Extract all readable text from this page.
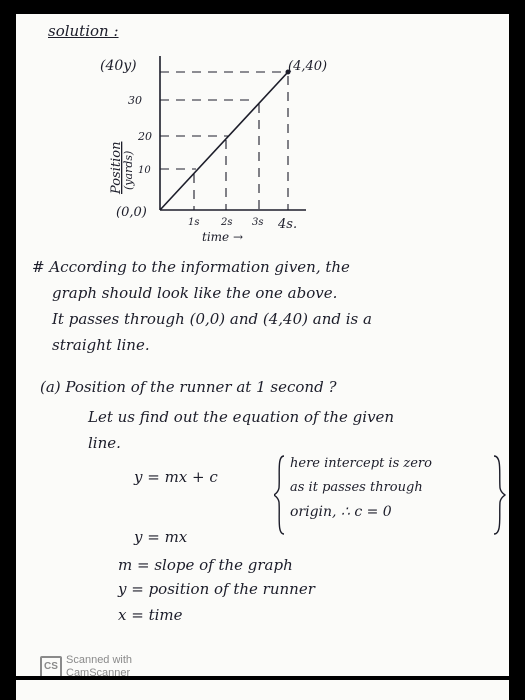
solution :
(4,40)
(40y)
30
20
10
(0,0)
1s 2s 3s 4s.
time →
Position
(yards)
# According to the information given, the
graph should look like the one above.
It passes through (0,0) and (4,40) and is a
straight line.
(a) Position of the runner at 1 second ?
Let us find out the equation of the given
line.
y = mx + c
here intercept is zero
as it passes through
origin, ∴ c = 0
y = mx
m = slope of the graph
y = position of the runner
x = time
CS
Scanned with
CamScanner
